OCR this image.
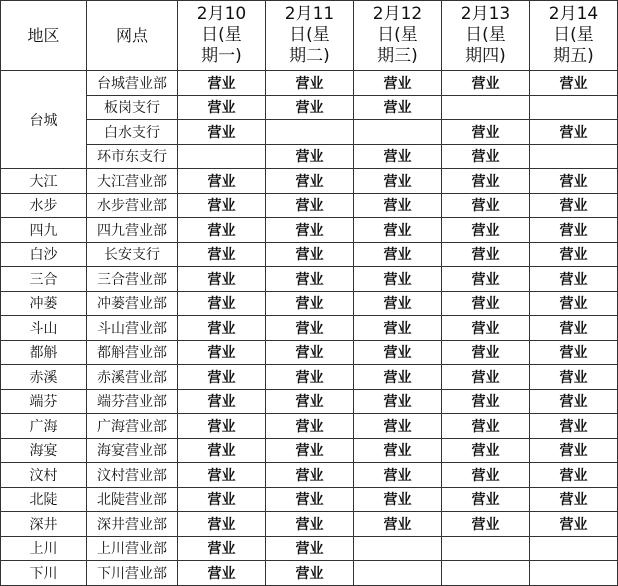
地区	网点	2月10日(星期一)	2月11日(星期二)	2月12日(星期三)	2月13日(星期四)	2月14日(星期五)

台城	台城营业部	营业	营业	营业	营业	营业
	板岗支行	营业	营业	营业		
	白水支行	营业			营业	营业
	环市东支行		营业	营业	营业	
大江	大江营业部	营业	营业	营业	营业	营业
水步	水步营业部	营业	营业	营业	营业	营业
四九	四九营业部	营业	营业	营业	营业	营业
白沙	长安支行	营业	营业	营业	营业	营业
三合	三合营业部	营业	营业	营业	营业	营业
冲蒌	冲蒌营业部	营业	营业	营业	营业	营业
斗山	斗山营业部	营业	营业	营业	营业	营业
都斛	都斛营业部	营业	营业	营业	营业	营业
赤溪	赤溪营业部	营业	营业	营业	营业	营业
端芬	端芬营业部	营业	营业	营业	营业	营业
广海	广海营业部	营业	营业	营业	营业	营业
海宴	海宴营业部	营业	营业	营业	营业	营业
汶村	汶村营业部	营业	营业	营业	营业	营业
北陡	北陡营业部	营业	营业	营业	营业	营业
深井	深井营业部	营业	营业	营业	营业	营业
上川	上川营业部	营业	营业			
下川	下川营业部	营业	营业			
